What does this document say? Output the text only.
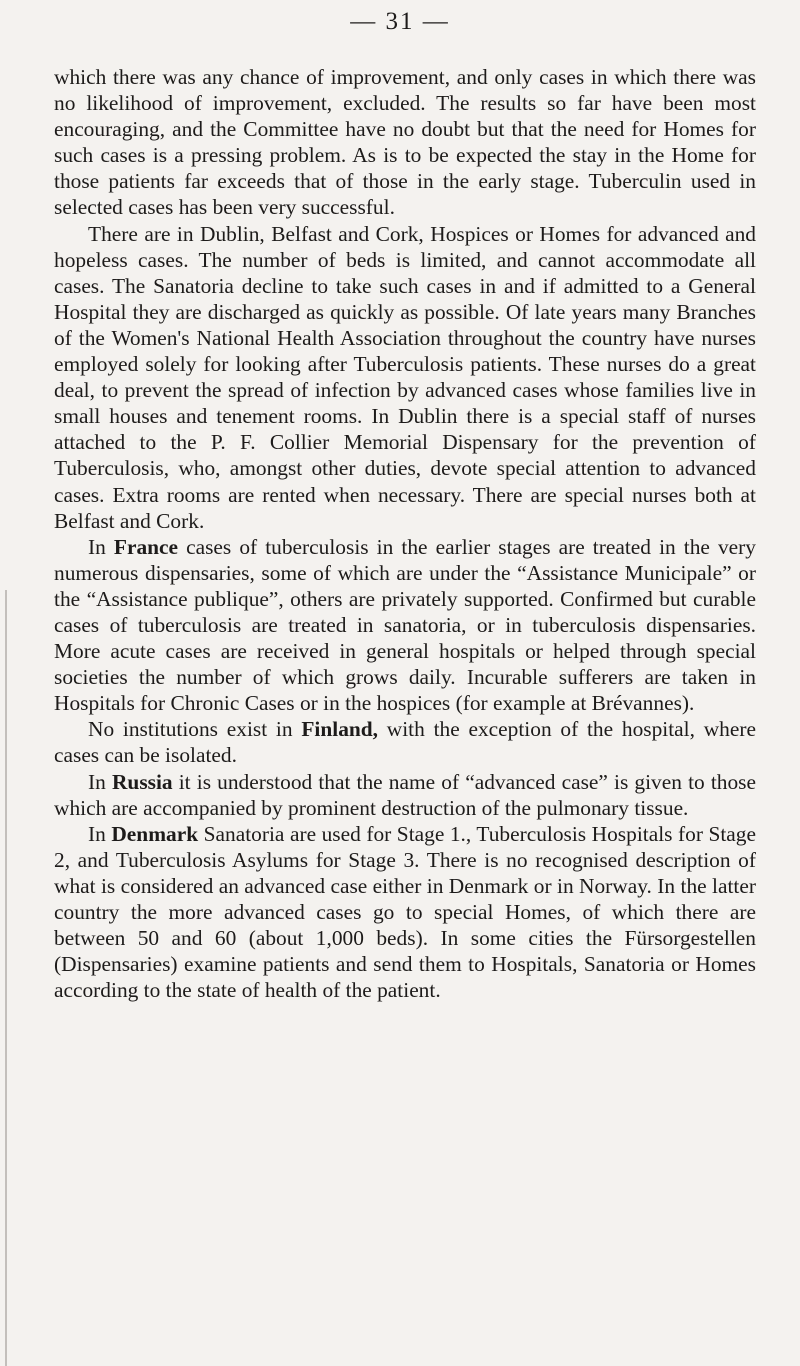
— 31 —

which there was any chance of improvement, and only cases in which there was no likelihood of improvement, excluded. The results so far have been most encouraging, and the Committee have no doubt but that the need for Homes for such cases is a pressing problem. As is to be expected the stay in the Home for those patients far exceeds that of those in the early stage. Tuberculin used in selected cases has been very successful.

There are in Dublin, Belfast and Cork, Hospices or Homes for advanced and hopeless cases. The number of beds is limited, and cannot accommodate all cases. The Sanatoria decline to take such cases in and if admitted to a General Hospital they are discharged as quickly as possible. Of late years many Branches of the Women's National Health Association throughout the country have nurses employed solely for looking after Tuberculosis patients. These nurses do a great deal, to prevent the spread of infection by advanced cases whose families live in small houses and tenement rooms. In Dublin there is a special staff of nurses attached to the P. F. Collier Memorial Dispensary for the prevention of Tuberculosis, who, amongst other duties, devote special attention to advanced cases. Extra rooms are rented when necessary. There are special nurses both at Belfast and Cork.

In France cases of tuberculosis in the earlier stages are treated in the very numerous dispensaries, some of which are under the “Assistance Municipale” or the “Assistance publique”, others are privately supported. Confirmed but curable cases of tuberculosis are treated in sanatoria, or in tuberculosis dispensaries. More acute cases are received in general hospitals or helped through special societies the number of which grows daily. Incurable sufferers are taken in Hospitals for Chronic Cases or in the hospices (for example at Brévannes).

No institutions exist in Finland, with the exception of the hospital, where cases can be isolated.

In Russia it is understood that the name of “advanced case” is given to those which are accompanied by prominent destruction of the pulmonary tissue.

In Denmark Sanatoria are used for Stage 1., Tuberculosis Hospitals for Stage 2, and Tuberculosis Asylums for Stage 3. There is no recognised description of what is considered an advanced case either in Denmark or in Norway. In the latter country the more advanced cases go to special Homes, of which there are between 50 and 60 (about 1,000 beds). In some cities the Fürsorgestellen (Dispensaries) examine patients and send them to Hospitals, Sanatoria or Homes according to the state of health of the patient.
